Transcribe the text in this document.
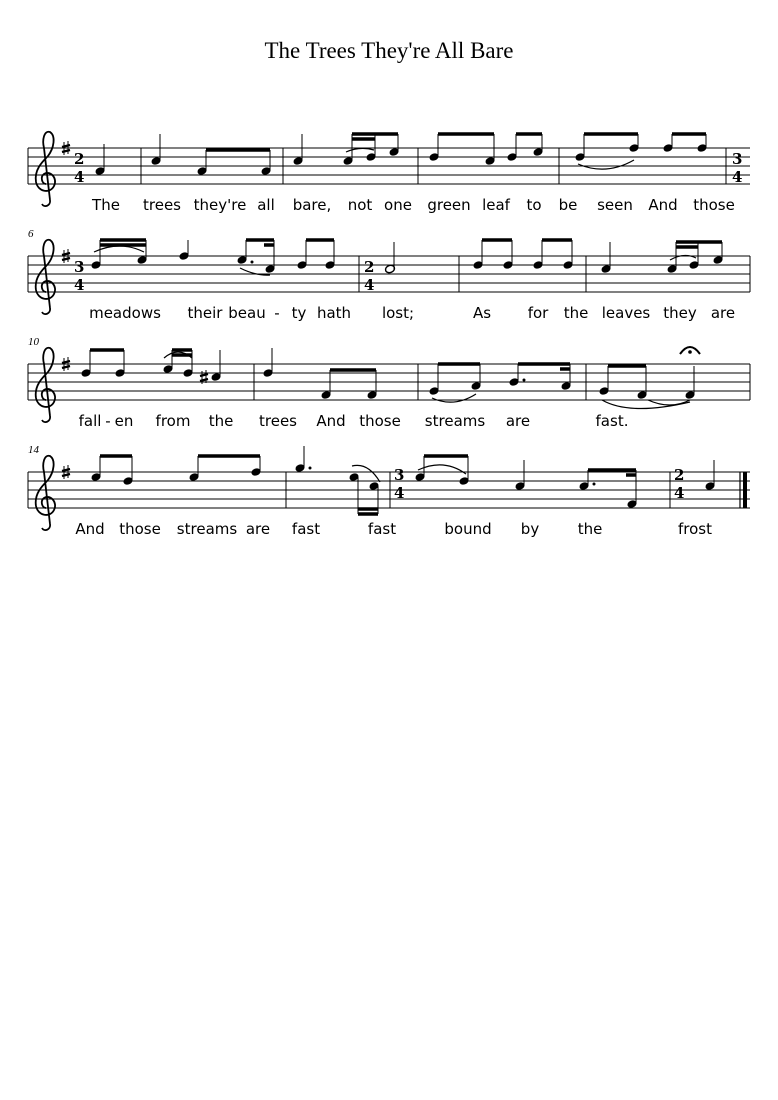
The Trees They're All Bare
2
4
3
4
3
4
2
4
3
4
2
4
6
10
14
The trees they're all bare, not one green leaf to be seen And those
meadows their beau - ty hath lost;	As for the leaves they are
fall - en from the trees And those streams are	fast.
And those streams are fast	fast	bound by	the	frost
